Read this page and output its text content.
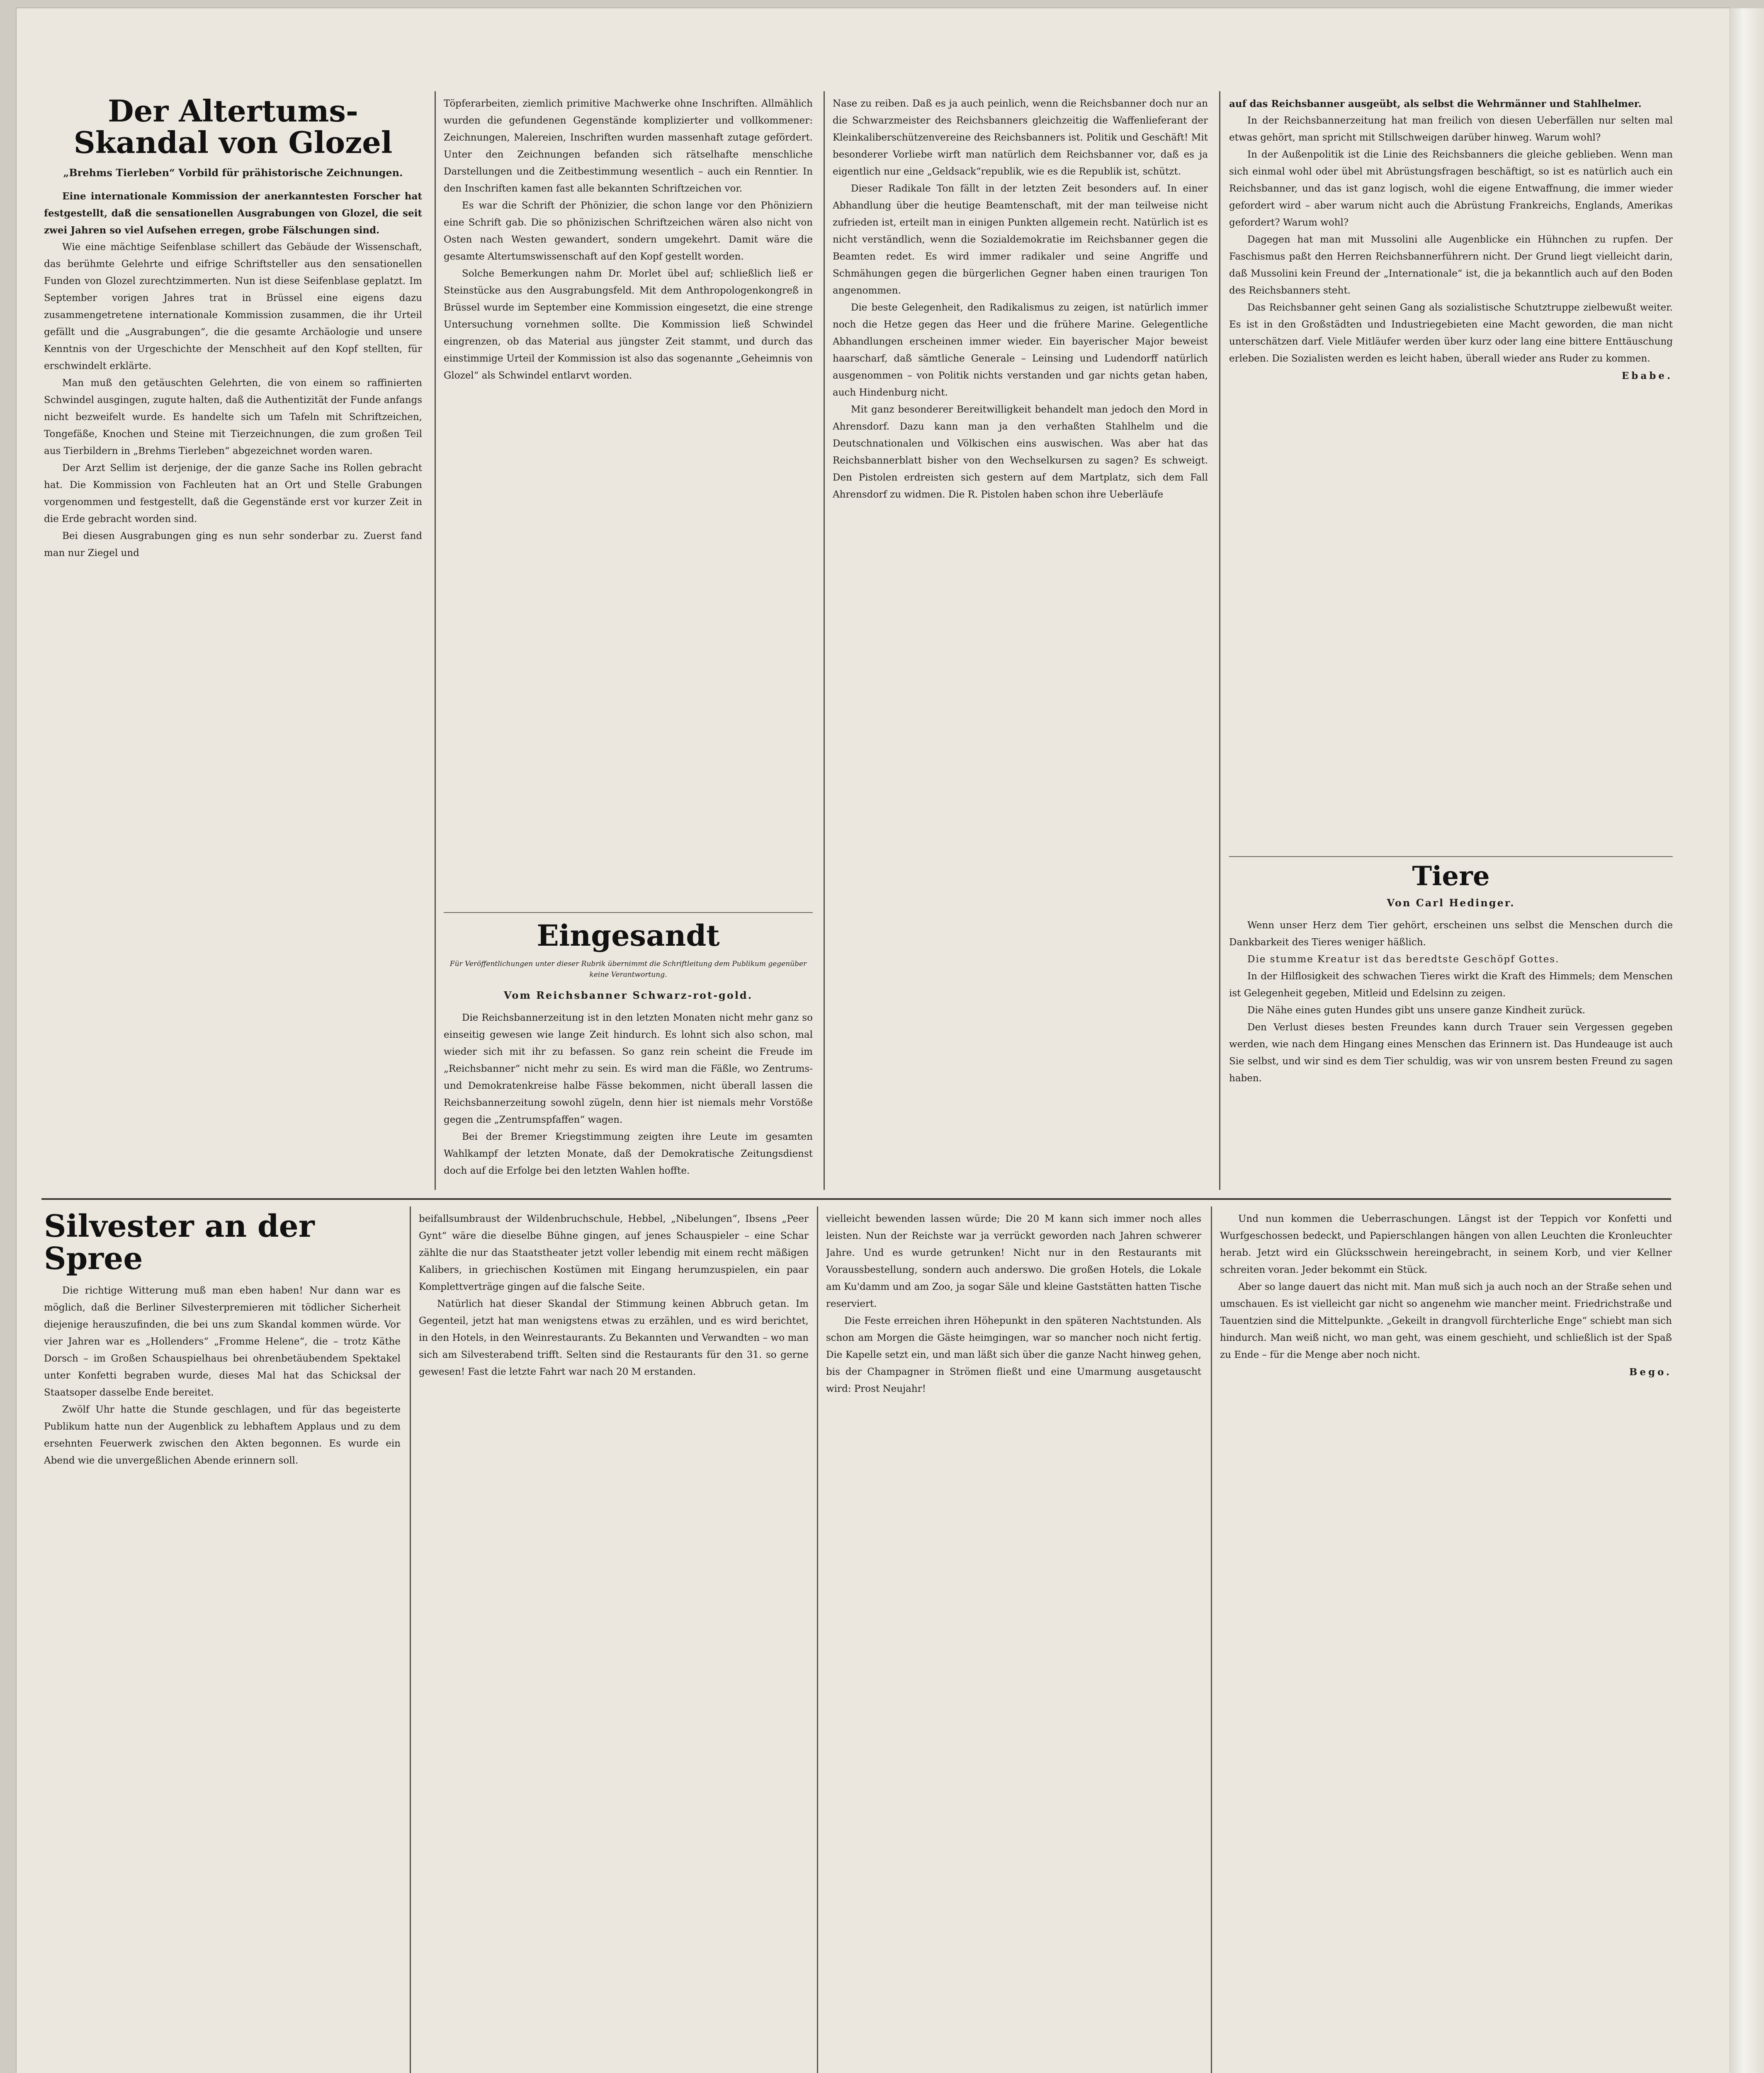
Der Altertums-Skandal von Glozel
„Brehms Tierleben“ Vorbild für prähistorische Zeichnungen.

Eine internationale Kommission der anerkanntesten Forscher hat festgestellt, daß die sensationellen Ausgrabungen von Glozel, die seit zwei Jahren so viel Aufsehen erregen, grobe Fälschungen sind.

Wie eine mächtige Seifenblase schillert das Gebäude der Wissenschaft, das berühmte Gelehrte und eifrige Schriftsteller aus den sensationellen Funden von Glozel zurechtzimmerten. Nun ist diese Seifenblase geplatzt. Im September vorigen Jahres trat in Brüssel eine eigens dazu zusammengetretene internationale Kommission zusammen, die ihr Urteil gefällt und die „Ausgrabungen“, die die gesamte Archäologie und unsere Kenntnis von der Urgeschichte der Menschheit auf den Kopf stellten, für erschwindelt erklärte.

Man muß den getäuschten Gelehrten, die von einem so raffinierten Schwindel ausgingen, zugute halten, daß die Authentizität der Funde anfangs nicht bezweifelt wurde. Es handelte sich um Tafeln mit Schriftzeichen, Tongefäße, Knochen und Steine mit Tierzeichnungen, die zum großen Teil aus Tierbildern in „Brehms Tierleben“ abgezeichnet worden waren.

Der Arzt Sellim ist derjenige, der die ganze Sache ins Rollen gebracht hat. Die Kommission von Fachleuten hat an Ort und Stelle Grabungen vorgenommen und festgestellt, daß die Gegenstände erst vor kurzer Zeit in die Erde gebracht worden sind.

Bei diesen Ausgrabungen ging es nun sehr sonderbar zu. Zuerst fand man nur Ziegel und

Töpferarbeiten, ziemlich primitive Machwerke ohne Inschriften. Allmählich wurden die gefundenen Gegenstände komplizierter und vollkommener: Zeichnungen, Malereien, Inschriften wurden massenhaft zutage gefördert. Unter den Zeichnungen befanden sich rätselhafte menschliche Darstellungen und die Zeitbestimmung wesentlich – auch ein Renntier. In den Inschriften kamen fast alle bekannten Schriftzeichen vor.

Es war die Schrift der Phönizier, die schon lange vor den Phöniziern eine Schrift gab. Die so phönizischen Schriftzeichen wären also nicht von Osten nach Westen gewandert, sondern umgekehrt. Damit wäre die gesamte Altertumswissenschaft auf den Kopf gestellt worden.

Solche Bemerkungen nahm Dr. Morlet übel auf; schließlich ließ er Steinstücke aus den Ausgrabungsfeld. Mit dem Anthropologenkongreß in Brüssel wurde im September eine Kommission eingesetzt, die eine strenge Untersuchung vornehmen sollte. Die Kommission ließ Schwindel eingrenzen, ob das Material aus jüngster Zeit stammt, und durch das einstimmige Urteil der Kommission ist also das sogenannte „Geheimnis von Glozel“ als Schwindel entlarvt worden.

Eingesandt
Für Veröffentlichungen unter dieser Rubrik übernimmt die Schriftleitung dem Publikum gegenüber keine Verantwortung.
Vom Reichsbanner Schwarz-rot-gold.

Die Reichsbannerzeitung ist in den letzten Monaten nicht mehr ganz so einseitig gewesen wie lange Zeit hindurch. Es lohnt sich also schon, mal wieder sich mit ihr zu befassen. So ganz rein scheint die Freude im „Reichsbanner“ nicht mehr zu sein. Es wird man die Fäßle, wo Zentrums- und Demokratenkreise halbe Fässe bekommen, nicht überall lassen die Reichsbannerzeitung sowohl zügeln, denn hier ist niemals mehr Vorstöße gegen die „Zentrumspfaffen“ wagen.

Bei der Bremer Kriegstimmung zeigten ihre Leute im gesamten Wahlkampf der letzten Monate, daß der Demokratische Zeitungsdienst doch auf die Erfolge bei den letzten Wahlen hoffte.

Nase zu reiben. Daß es ja auch peinlich, wenn die Reichsbanner doch nur an die Schwarzmeister des Reichsbanners gleichzeitig die Waffenlieferant der Kleinkaliberschützenvereine des Reichsbanners ist. Politik und Geschäft! Mit besonderer Vorliebe wirft man natürlich dem Reichsbanner vor, daß es ja eigentlich nur eine „Geldsack“republik, wie es die Republik ist, schützt.

Dieser Radikale Ton fällt in der letzten Zeit besonders auf. In einer Abhandlung über die heutige Beamtenschaft, mit der man teilweise nicht zufrieden ist, erteilt man in einigen Punkten allgemein recht. Natürlich ist es nicht verständlich, wenn die Sozialdemokratie im Reichsbanner gegen die Beamten redet. Es wird immer radikaler und seine Angriffe und Schmähungen gegen die bürgerlichen Gegner haben einen traurigen Ton angenommen.

Die beste Gelegenheit, den Radikalismus zu zeigen, ist natürlich immer noch die Hetze gegen das Heer und die frühere Marine. Gelegentliche Abhandlungen erscheinen immer wieder. Ein bayerischer Major beweist haarscharf, daß sämtliche Generale – Leinsing und Ludendorff natürlich ausgenommen – von Politik nichts verstanden und gar nichts getan haben, auch Hindenburg nicht.

Mit ganz besonderer Bereitwilligkeit behandelt man jedoch den Mord in Ahrensdorf. Dazu kann man ja den verhaßten Stahlhelm und die Deutschnationalen und Völkischen eins auswischen. Was aber hat das Reichsbannerblatt bisher von den Wechselkursen zu sagen? Es schweigt. Den Pistolen erdreisten sich gestern auf dem Martplatz, sich dem Fall Ahrensdorf zu widmen. Die R. Pistolen haben schon ihre Ueberläufe

auf das Reichsbanner ausgeübt, als selbst die Wehrmänner und Stahlhelmer.

In der Reichsbannerzeitung hat man freilich von diesen Ueberfällen nur selten mal etwas gehört, man spricht mit Stillschweigen darüber hinweg. Warum wohl?

In der Außenpolitik ist die Linie des Reichsbanners die gleiche geblieben. Wenn man sich einmal wohl oder übel mit Abrüstungsfragen beschäftigt, so ist es natürlich auch ein Reichsbanner, und das ist ganz logisch, wohl die eigene Entwaffnung, die immer wieder gefordert wird – aber warum nicht auch die Abrüstung Frankreichs, Englands, Amerikas gefordert? Warum wohl?

Dagegen hat man mit Mussolini alle Augenblicke ein Hühnchen zu rupfen. Der Faschismus paßt den Herren Reichsbannerführern nicht. Der Grund liegt vielleicht darin, daß Mussolini kein Freund der „Internationale“ ist, die ja bekanntlich auch auf den Boden des Reichsbanners steht.

Das Reichsbanner geht seinen Gang als sozialistische Schutztruppe zielbewußt weiter. Es ist in den Großstädten und Industriegebieten eine Macht geworden, die man nicht unterschätzen darf. Viele Mitläufer werden über kurz oder lang eine bittere Enttäuschung erleben. Die Sozialisten werden es leicht haben, überall wieder ans Ruder zu kommen.

Ebabe.
Tiere
Von Carl Hedinger.

Wenn unser Herz dem Tier gehört, erscheinen uns selbst die Menschen durch die Dankbarkeit des Tieres weniger häßlich.

Die stumme Kreatur ist das beredtste Geschöpf Gottes.

In der Hilflosigkeit des schwachen Tieres wirkt die Kraft des Himmels; dem Menschen ist Gelegenheit gegeben, Mitleid und Edelsinn zu zeigen.

Die Nähe eines guten Hundes gibt uns unsere ganze Kindheit zurück.

Den Verlust dieses besten Freundes kann durch Trauer sein Vergessen gegeben werden, wie nach dem Hingang eines Menschen das Erinnern ist. Das Hundeauge ist auch Sie selbst, und wir sind es dem Tier schuldig, was wir von unsrem besten Freund zu sagen haben.

Silvester an der Spree

Die richtige Witterung muß man eben haben! Nur dann war es möglich, daß die Berliner Silvesterpremieren mit tödlicher Sicherheit diejenige herauszufinden, die bei uns zum Skandal kommen würde. Vor vier Jahren war es „Hollenders“ „Fromme Helene“, die – trotz Käthe Dorsch – im Großen Schauspielhaus bei ohrenbetäubendem Spektakel unter Konfetti begraben wurde, dieses Mal hat das Schicksal der Staatsoper dasselbe Ende bereitet.

Zwölf Uhr hatte die Stunde geschlagen, und für das begeisterte Publikum hatte nun der Augenblick zu lebhaftem Applaus und zu dem ersehnten Feuerwerk zwischen den Akten begonnen. Es wurde ein Abend wie die unvergeßlichen Abende erinnern soll.

beifallsumbraust der Wildenbruchschule, Hebbel, „Nibelungen“, Ibsens „Peer Gynt“ wäre die dieselbe Bühne gingen, auf jenes Schauspieler – eine Schar zählte die nur das Staatstheater jetzt voller lebendig mit einem recht mäßigen Kalibers, in griechischen Kostümen mit Eingang herumzuspielen, ein paar Komplettverträge gingen auf die falsche Seite.

Natürlich hat dieser Skandal der Stimmung keinen Abbruch getan. Im Gegenteil, jetzt hat man wenigstens etwas zu erzählen, und es wird berichtet, in den Hotels, in den Weinrestaurants. Zu Bekannten und Verwandten – wo man sich am Silvesterabend trifft. Selten sind die Restaurants für den 31. so gerne gewesen! Fast die letzte Fahrt war nach 20 M erstanden.

vielleicht bewenden lassen würde; Die 20 M kann sich immer noch alles leisten. Nun der Reichste war ja verrückt geworden nach Jahren schwerer Jahre. Und es wurde getrunken! Nicht nur in den Restaurants mit Voraussbestellung, sondern auch anderswo. Die großen Hotels, die Lokale am Ku'damm und am Zoo, ja sogar Säle und kleine Gaststätten hatten Tische reserviert.

Die Feste erreichen ihren Höhepunkt in den späteren Nachtstunden. Als schon am Morgen die Gäste heimgingen, war so mancher noch nicht fertig. Die Kapelle setzt ein, und man läßt sich über die ganze Nacht hinweg gehen, bis der Champagner in Strömen fließt und eine Umarmung ausgetauscht wird: Prost Neujahr!

Und nun kommen die Ueberraschungen. Längst ist der Teppich vor Konfetti und Wurfgeschossen bedeckt, und Papierschlangen hängen von allen Leuchten die Kronleuchter herab. Jetzt wird ein Glücksschwein hereingebracht, in seinem Korb, und vier Kellner schreiten voran. Jeder bekommt ein Stück.

Aber so lange dauert das nicht mit. Man muß sich ja auch noch an der Straße sehen und umschauen. Es ist vielleicht gar nicht so angenehm wie mancher meint. Friedrichstraße und Tauentzien sind die Mittelpunkte. „Gekeilt in drangvoll fürchterliche Enge“ schiebt man sich hindurch. Man weiß nicht, wo man geht, was einem geschieht, und schließlich ist der Spaß zu Ende – für die Menge aber noch nicht.

Bego.
